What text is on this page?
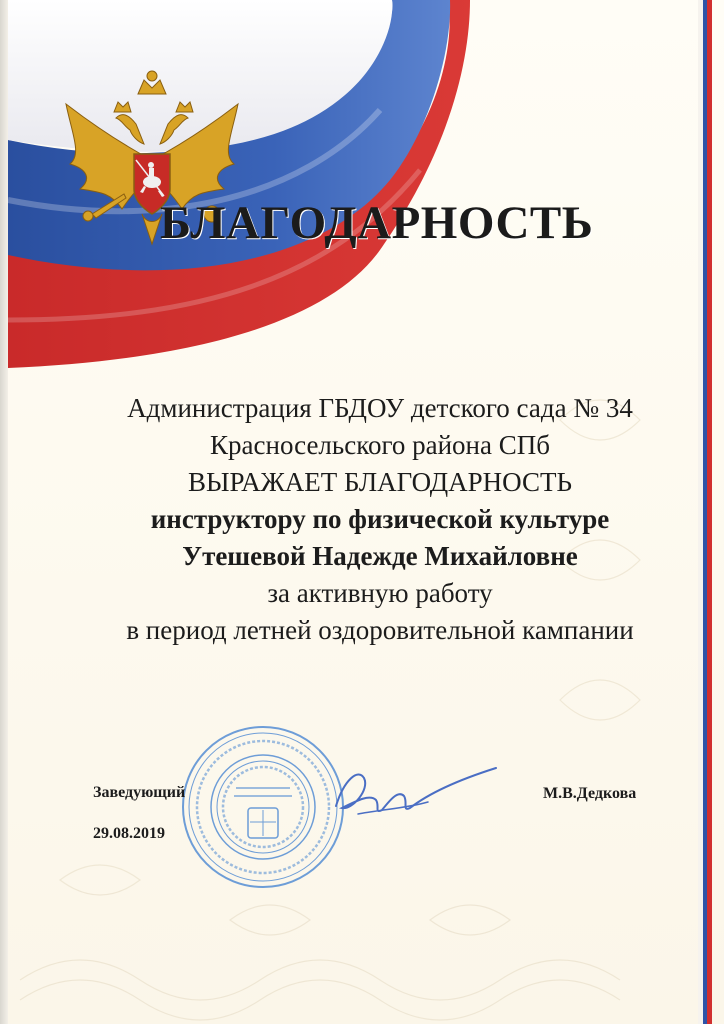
БЛАГОДАРНОСТЬ
Администрация ГБДОУ детского сада № 34
Красносельского района СПб
ВЫРАЖАЕТ БЛАГОДАРНОСТЬ
инструктору по физической культуре
Утешевой Надежде Михайловне
за активную работу
в период летней оздоровительной кампании
Заведующий
29.08.2019
М.В.Дедкова
